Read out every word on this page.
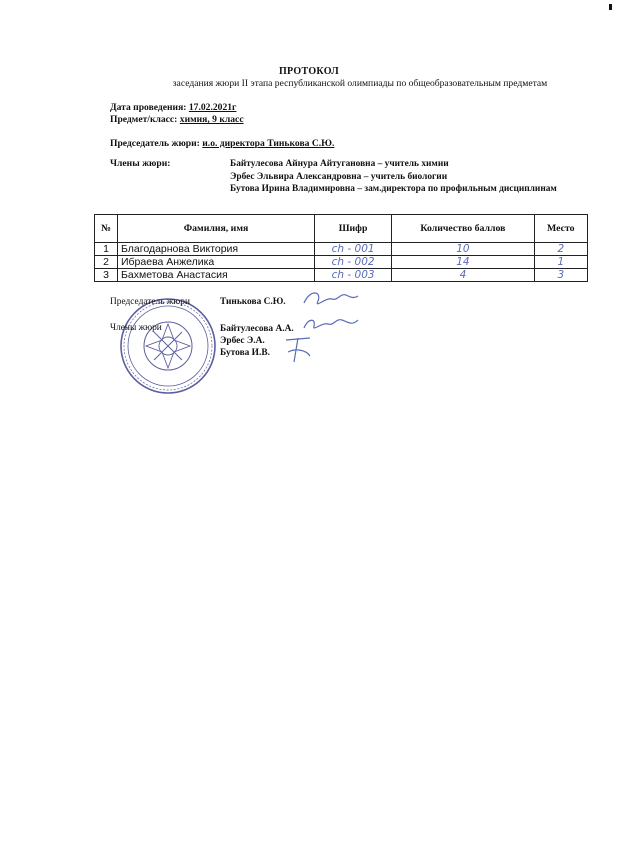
ПРОТОКОЛ
заседания жюри II этапа республиканской олимпиады по общеобразовательным предметам
Дата проведения: 17.02.2021г
Предмет/класс: химия, 9 класс
Председатель жюри: и.о. директора Тинькова С.Ю.
Члены жюри:	Байтулесова Айнура Айтугановна – учитель химии
Эрбес Эльвира Александровна – учитель биологии
Бутова Ирина Владимировна – зам.директора по профильным дисциплинам
№	Фамилия, имя	Шифр	Количество баллов	Место
1	Благодарнова Виктория	ch - 001	10	2
2	Ибраева Анжелика	ch - 002	14	1
3	Бахметова Анастасия	ch - 003	4	3
Председатель жюри	Тинькова С.Ю.
Члены жюри	Байтулесова А.А.
Эрбес Э.А.
Бутова И.В.
